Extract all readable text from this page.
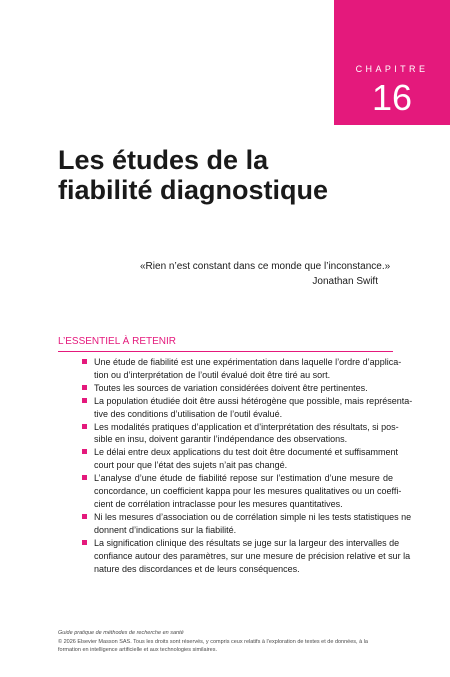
CHAPITRE
16
Les études de la fiabilité diagnostique
«Rien n’est constant dans ce monde que l’inconstance.»
Jonathan Swift
L’ESSENTIEL À RETENIR
Une étude de fiabilité est une expérimentation dans laquelle l’ordre d’applica-
tion ou d’interprétation de l’outil évalué doit être tiré au sort.
Toutes les sources de variation considérées doivent être pertinentes.
La population étudiée doit être aussi hétérogène que possible, mais représenta-
tive des conditions d’utilisation de l’outil évalué.
Les modalités pratiques d’application et d’interprétation des résultats, si pos-
sible en insu, doivent garantir l’indépendance des observations.
Le délai entre deux applications du test doit être documenté et suffisamment
court pour que l’état des sujets n’ait pas changé.
L’analyse d’une étude de fiabilité repose sur l’estimation d’une mesure de
concordance, un coefficient kappa pour les mesures qualitatives ou un coeffi-
cient de corrélation intraclasse pour les mesures quantitatives.
Ni les mesures d’association ou de corrélation simple ni les tests statistiques ne
donnent d’indications sur la fiabilité.
La signification clinique des résultats se juge sur la largeur des intervalles de
confiance autour des paramètres, sur une mesure de précision relative et sur la
nature des discordances et de leurs conséquences.
Guide pratique de méthodes de recherche en santé
© 2026 Elsevier Masson SAS. Tous les droits sont réservés, y compris ceux relatifs à l’exploration de textes et de données, à la
formation en intelligence artificielle et aux technologies similaires.
